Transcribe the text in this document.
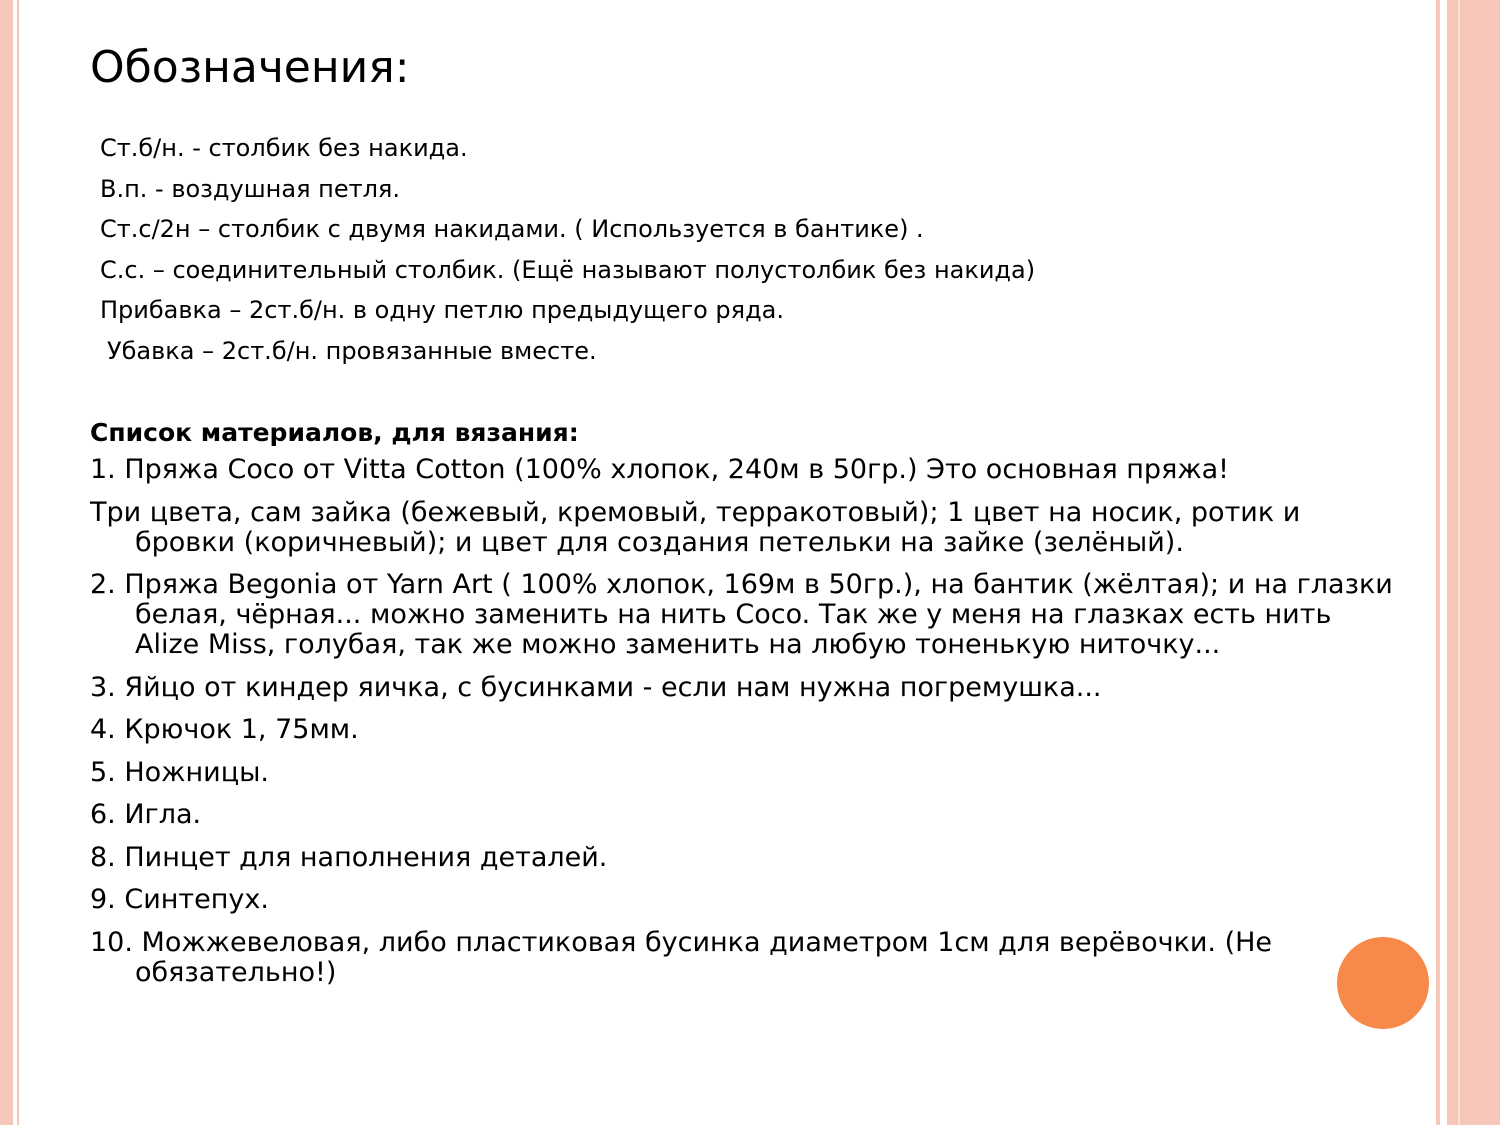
Обозначения:
Ст.б/н. - столбик без накида.
В.п. - воздушная петля.
Ст.с/2н – столбик с двумя накидами. ( Используется в бантике) .
С.с. – соединительный столбик. (Ещё называют полустолбик без накида)
Прибавка – 2ст.б/н. в одну петлю предыдущего ряда.
Убавка – 2ст.б/н. провязанные вместе.
Список материалов, для вязания:
1. Пряжа Coco от Vitta Cotton (100% хлопок, 240м в 50гр.) Это основная пряжа!
Три цвета, сам зайка (бежевый, кремовый, терракотовый); 1 цвет на носик, ротик и бровки (коричневый); и цвет для создания петельки на зайке (зелёный).
2. Пряжа Begonia от Yarn Art ( 100% хлопок, 169м в 50гр.), на бантик (жёлтая); и на глазки белая, чёрная... можно заменить на нить Coco. Так же у меня на глазках есть нить Alize Miss, голубая, так же можно заменить на любую тоненькую ниточку...
3. Яйцо от киндер яичка, с бусинками - если нам нужна погремушка...
4. Крючок 1, 75мм.
5. Ножницы.
6. Игла.
8. Пинцет для наполнения деталей.
9. Синтепух.
10. Можжевеловая, либо пластиковая бусинка диаметром 1см для верёвочки. (Не обязательно!)
